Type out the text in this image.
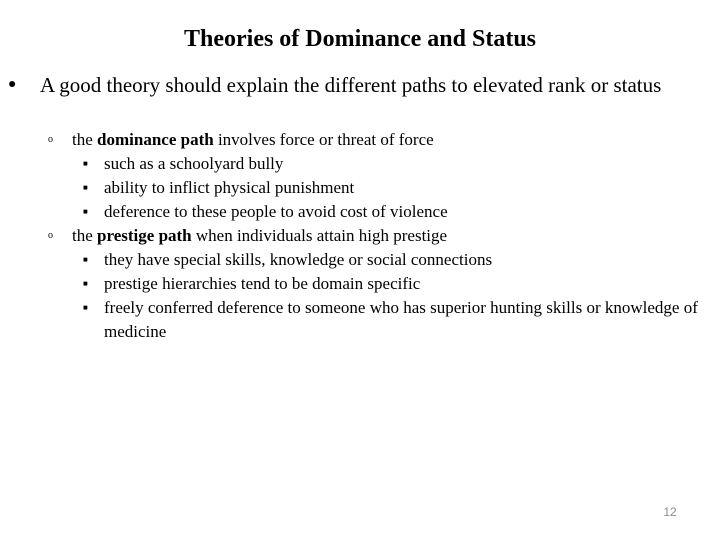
Theories of Dominance and Status
● A good theory should explain the different paths to elevated rank or status
o the dominance path involves force or threat of force
■ such as a schoolyard bully
■ ability to inflict physical punishment
■ deference to these people to avoid cost of violence
o the prestige path when individuals attain high prestige
■ they have special skills, knowledge or social connections
■ prestige hierarchies tend to be domain specific
■ freely conferred deference to someone who has superior hunting skills or knowledge of medicine
12
